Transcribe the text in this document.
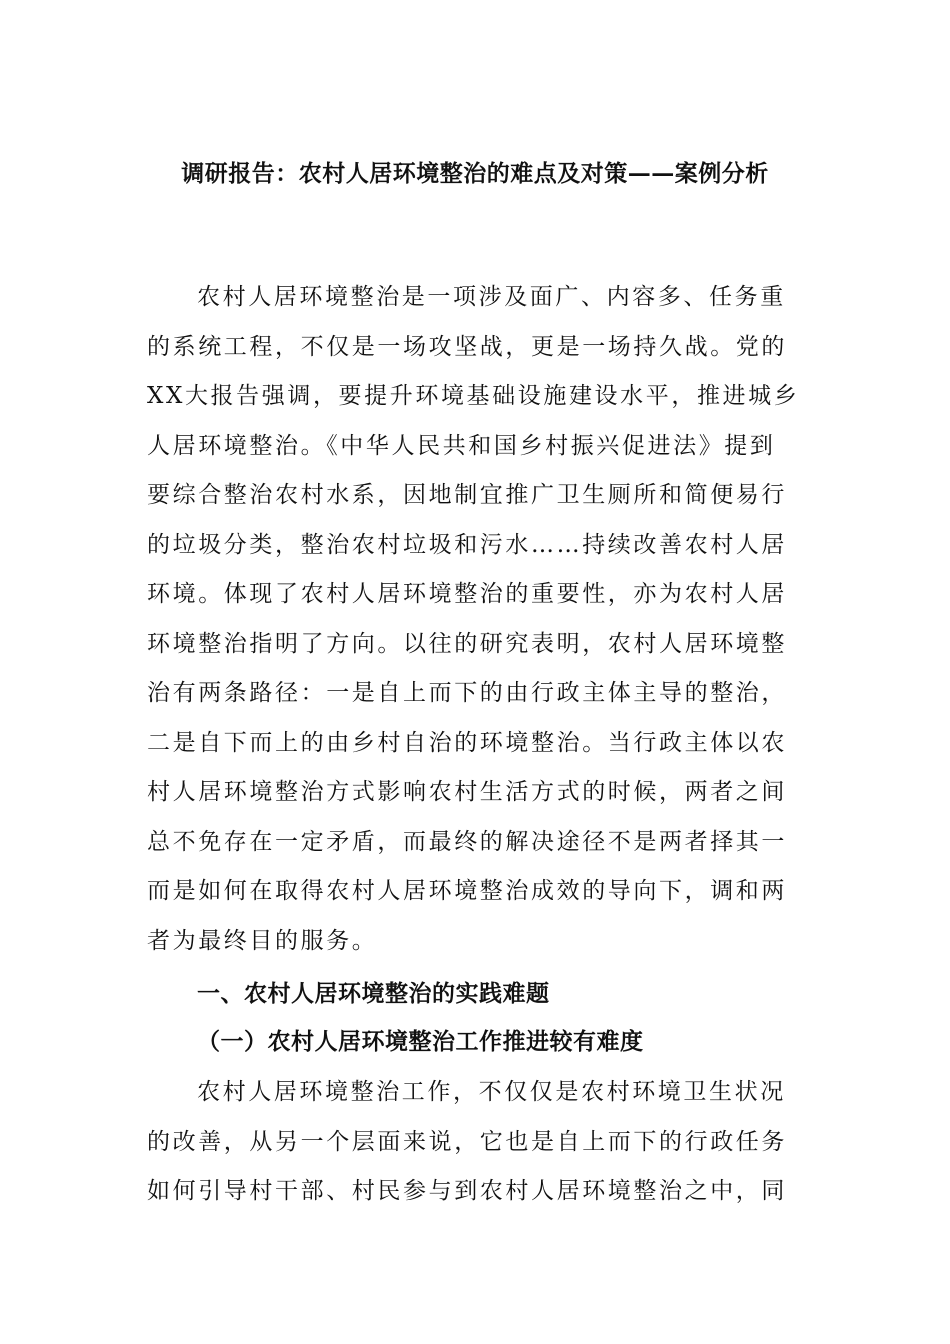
调研报告：农村人居环境整治的难点及对策——案例分析
农村人居环境整治是一项涉及面广、内容多、任务重
的系统工程，不仅是一场攻坚战，更是一场持久战。党的
XX大报告强调，要提升环境基础设施建设水平，推进城乡
人居环境整治。《中华人民共和国乡村振兴促进法》提到
要综合整治农村水系，因地制宜推广卫生厕所和简便易行
的垃圾分类，整治农村垃圾和污水……持续改善农村人居
环境。体现了农村人居环境整治的重要性，亦为农村人居
环境整治指明了方向。以往的研究表明，农村人居环境整
治有两条路径：一是自上而下的由行政主体主导的整治，
二是自下而上的由乡村自治的环境整治。当行政主体以农
村人居环境整治方式影响农村生活方式的时候，两者之间
总不免存在一定矛盾，而最终的解决途径不是两者择其一
而是如何在取得农村人居环境整治成效的导向下，调和两
者为最终目的服务。
一、农村人居环境整治的实践难题
（一）农村人居环境整治工作推进较有难度
农村人居环境整治工作，不仅仅是农村环境卫生状况
的改善，从另一个层面来说，它也是自上而下的行政任务
如何引导村干部、村民参与到农村人居环境整治之中，同
